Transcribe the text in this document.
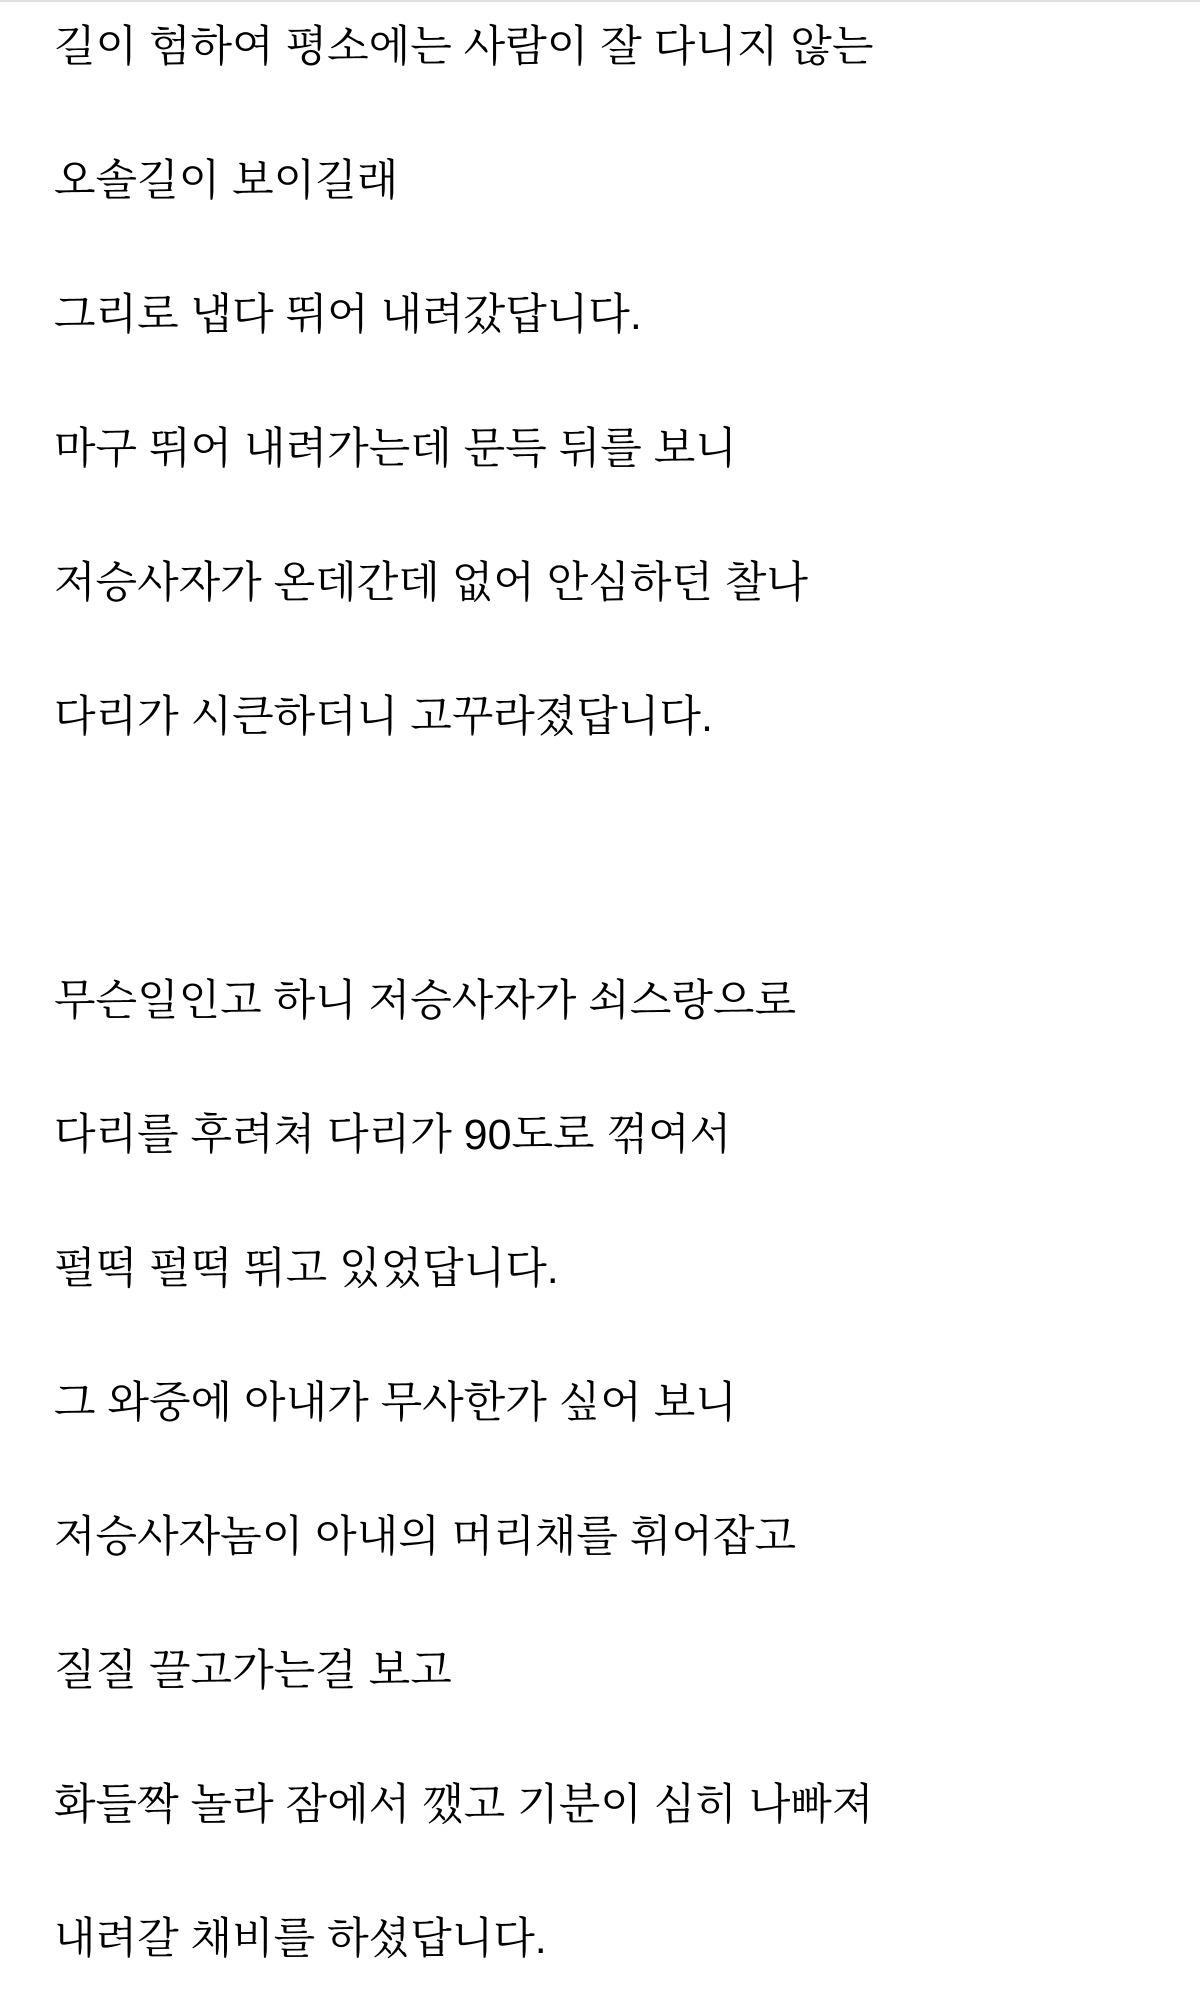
길이 험하여 평소에는 사람이 잘 다니지 않는

오솔길이 보이길래

그리로 냅다 뛰어 내려갔답니다.

마구 뛰어 내려가는데 문득 뒤를 보니

저승사자가 온데간데 없어 안심하던 찰나

다리가 시큰하더니 고꾸라졌답니다.

무슨일인고 하니 저승사자가 쇠스랑으로

다리를 후려쳐 다리가 90도로 꺾여서

펄떡 펄떡 뛰고 있었답니다.

그 와중에 아내가 무사한가 싶어 보니

저승사자놈이 아내의 머리채를 휘어잡고

질질 끌고가는걸 보고

화들짝 놀라 잠에서 깼고 기분이 심히 나빠져

내려갈 채비를 하셨답니다.
